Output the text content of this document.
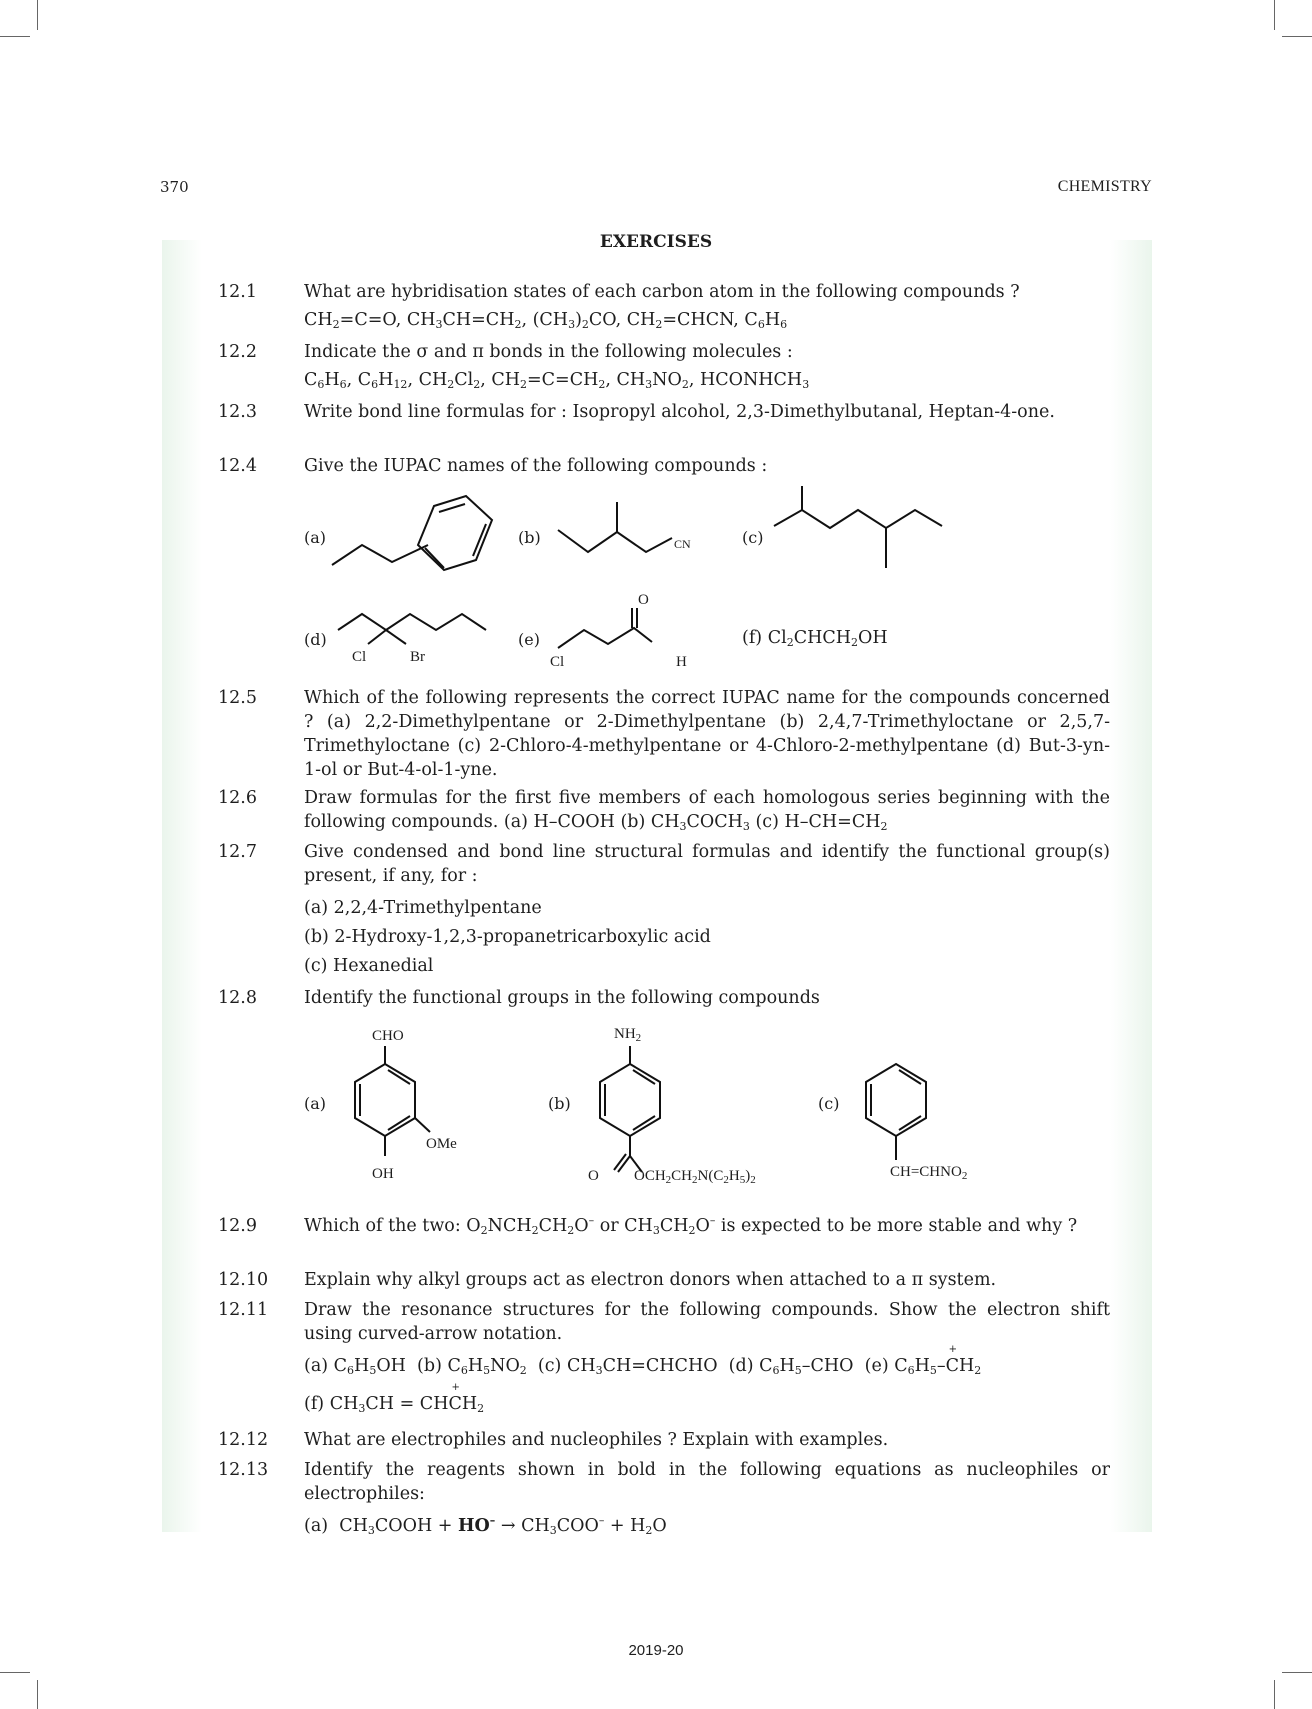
370	CHEMISTRY
EXERCISES
12.1	What are hybridisation states of each carbon atom in the following compounds ?
$CH_2=C=O$, $CH_3CH=CH_2$, $(CH_3)_2CO$, $CH_2=CHCN$, $C_6H_6$
12.2	Indicate the σ and π bonds in the following molecules :
$C_6H_6$, $C_6H_{12}$, $CH_2Cl_2$, $CH_2=C=CH_2$, $CH_3NO_2$, $HCONHCH_3$
12.3	Write bond line formulas for : Isopropyl alcohol, 2,3-Dimethylbutanal, Heptan-4-one.
12.4	Give the IUPAC names of the following compounds :
(a)	(b)	CN	(c)
(d)
Cl	Br
(e)
O
Cl	H
(f) $Cl_2CHCH_2OH$
12.5	Which of the following represents the correct IUPAC name for the compounds concerned ? (a) 2,2-Dimethylpentane or 2-Dimethylpentane (b) 2,4,7-Trimethyloctane or 2,5,7-Trimethyloctane (c) 2-Chloro-4-methylpentane or 4-Chloro-2-methylpentane (d) But-3-yn-1-ol or But-4-ol-1-yne.
12.6	Draw formulas for the first five members of each homologous series beginning with the following compounds. (a) H–COOH (b) $CH_3COCH_3$ (c) $H-CH=CH_2$
12.7	Give condensed and bond line structural formulas and identify the functional group(s) present, if any, for :
(a) 2,2,4-Trimethylpentane
(b) 2-Hydroxy-1,2,3-propanetricarboxylic acid
(c) Hexanedial
12.8	Identify the functional groups in the following compounds
(a)
CHO
OMe
OH
(b)
$NH_2$
O $OCH_2CH_2N(C_2H_5)_2$
(c)
$CH=CHNO_2$
12.9	Which of the two: $O_2NCH_2CH_2O^-$ or $CH_3CH_2O^-$ is expected to be more stable and why ?
12.10	Explain why alkyl groups act as electron donors when attached to a π system.
12.11	Draw the resonance structures for the following compounds. Show the electron shift using curved-arrow notation.
(a) $C_6H_5OH$  (b) $C_6H_5NO_2$  (c) $CH_3CH=CHCHO$  (d) $C_6H_5$–CHO  (e) $C_6H_5-C$
+
$H_2$
(f) $CH_3CH$ = CHC
+
$H_2$
12.12	What are electrophiles and nucleophiles ? Explain with examples.
12.13	Identify the reagents shown in bold in the following equations as nucleophiles or electrophiles:
(a)  $CH_3COOH + HO^- \to CH_3COO^- + H_2O$
2019-20
